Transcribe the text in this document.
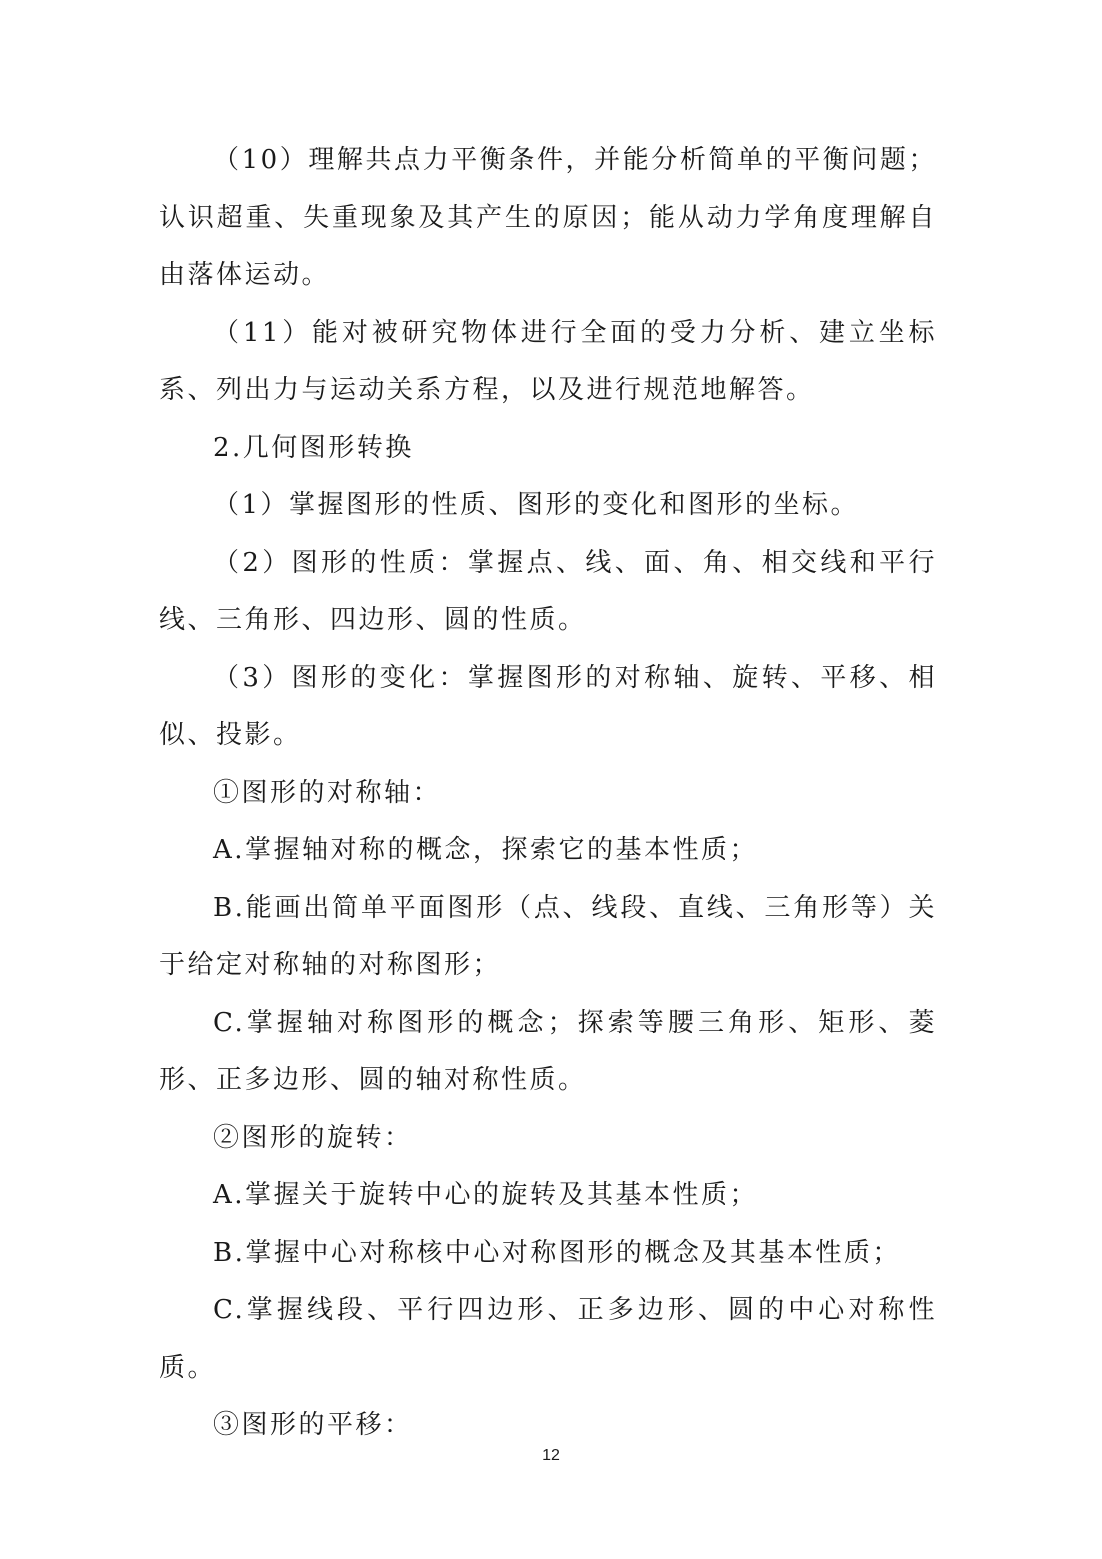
（10）理解共点力平衡条件，并能分析简单的平衡问题；认识超重、失重现象及其产生的原因；能从动力学角度理解自由落体运动。

（11）能对被研究物体进行全面的受力分析、建立坐标系、列出力与运动关系方程，以及进行规范地解答。

2.几何图形转换

（1）掌握图形的性质、图形的变化和图形的坐标。

（2）图形的性质：掌握点、线、面、角、相交线和平行线、三角形、四边形、圆的性质。

（3）图形的变化：掌握图形的对称轴、旋转、平移、相似、投影。

①图形的对称轴：

A.掌握轴对称的概念，探索它的基本性质；

B.能画出简单平面图形（点、线段、直线、三角形等）关于给定对称轴的对称图形；

C.掌握轴对称图形的概念；探索等腰三角形、矩形、菱形、正多边形、圆的轴对称性质。

②图形的旋转：

A.掌握关于旋转中心的旋转及其基本性质；

B.掌握中心对称核中心对称图形的概念及其基本性质；

C.掌握线段、平行四边形、正多边形、圆的中心对称性质。

③图形的平移：

12
